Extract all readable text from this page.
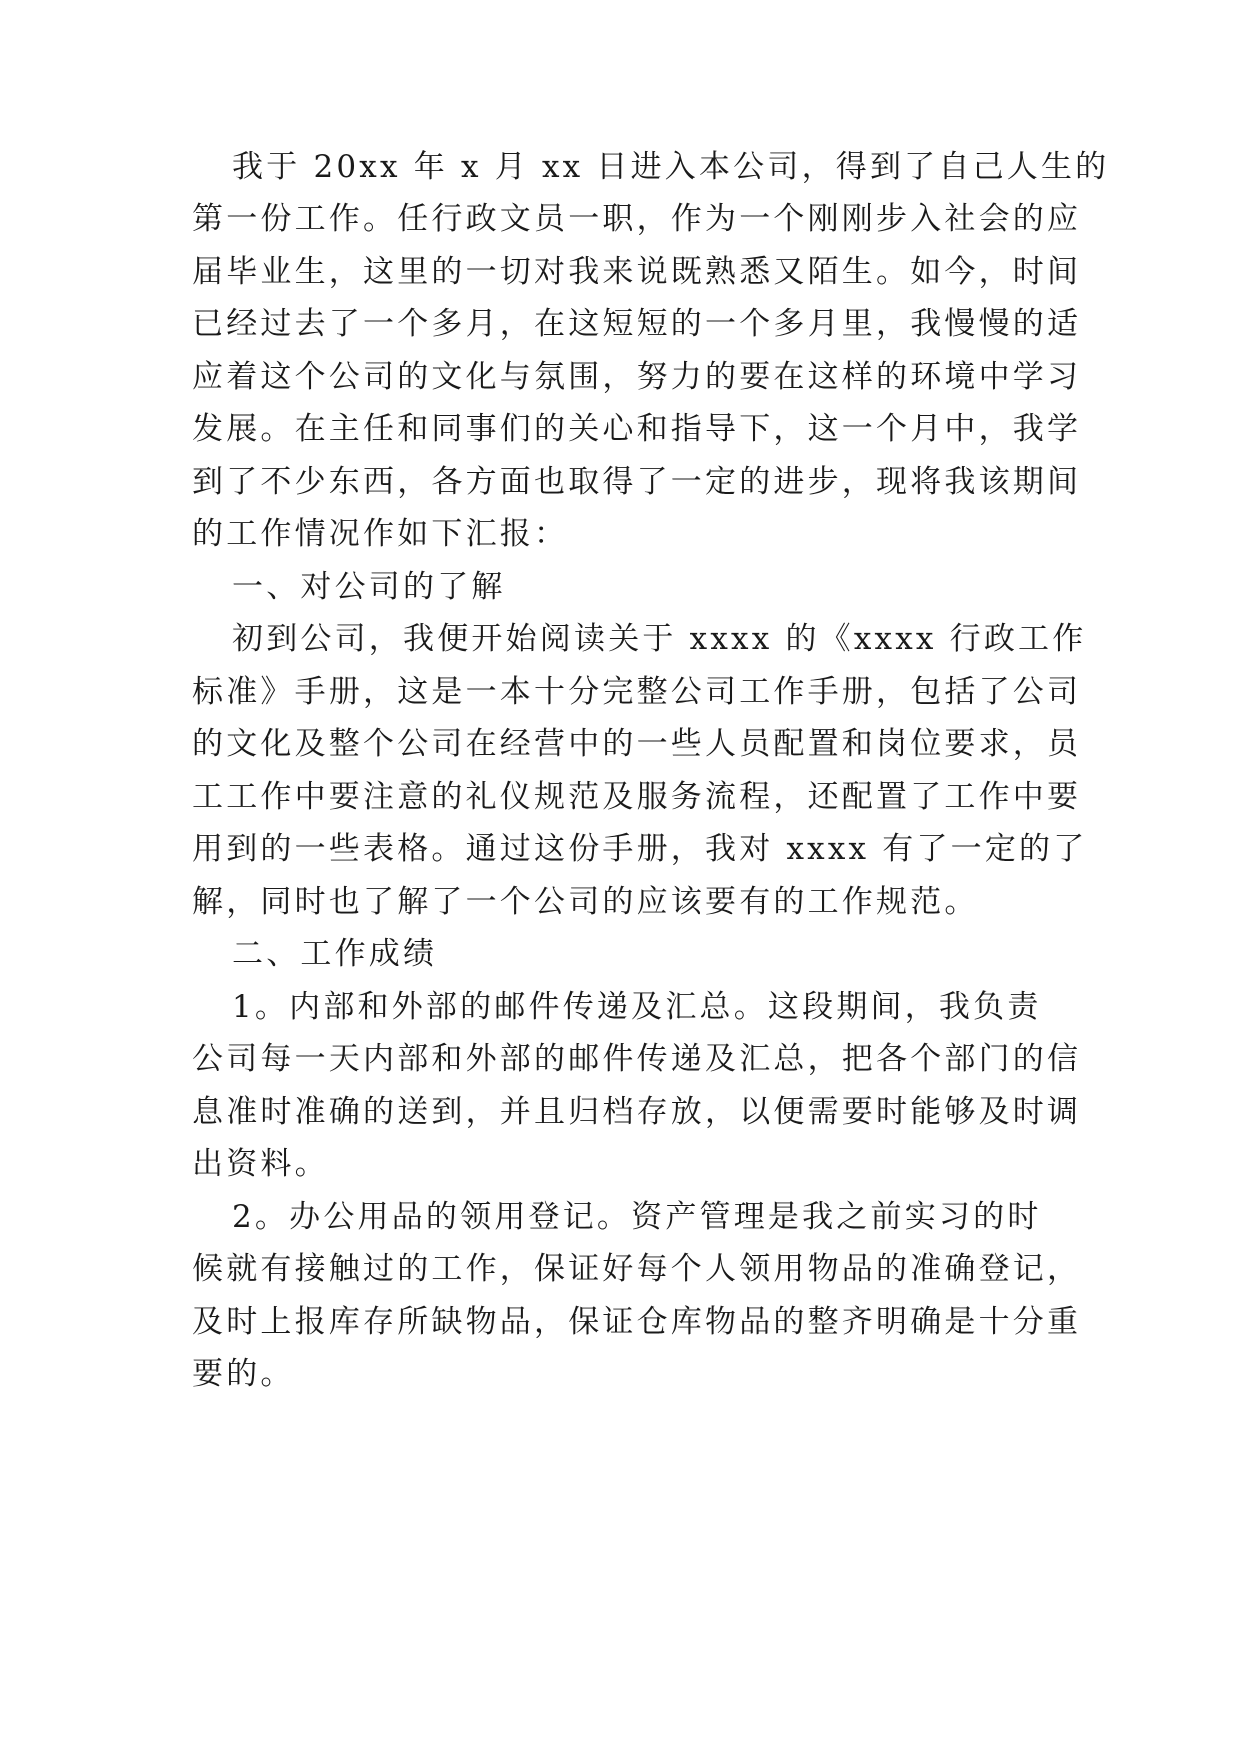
我于 20xx 年 x 月 xx 日进入本公司，得到了自己人生的
第一份工作。任行政文员一职，作为一个刚刚步入社会的应
届毕业生，这里的一切对我来说既熟悉又陌生。如今，时间
已经过去了一个多月，在这短短的一个多月里，我慢慢的适
应着这个公司的文化与氛围，努力的要在这样的环境中学习
发展。在主任和同事们的关心和指导下，这一个月中，我学
到了不少东西，各方面也取得了一定的进步，现将我该期间
的工作情况作如下汇报：
一、对公司的了解
初到公司，我便开始阅读关于 xxxx 的《xxxx 行政工作
标准》手册，这是一本十分完整公司工作手册，包括了公司
的文化及整个公司在经营中的一些人员配置和岗位要求，员
工工作中要注意的礼仪规范及服务流程，还配置了工作中要
用到的一些表格。通过这份手册，我对 xxxx 有了一定的了
解，同时也了解了一个公司的应该要有的工作规范。
二、工作成绩
1。内部和外部的邮件传递及汇总。这段期间，我负责
公司每一天内部和外部的邮件传递及汇总，把各个部门的信
息准时准确的送到，并且归档存放，以便需要时能够及时调
出资料。
2。办公用品的领用登记。资产管理是我之前实习的时
候就有接触过的工作，保证好每个人领用物品的准确登记，
及时上报库存所缺物品，保证仓库物品的整齐明确是十分重
要的。
